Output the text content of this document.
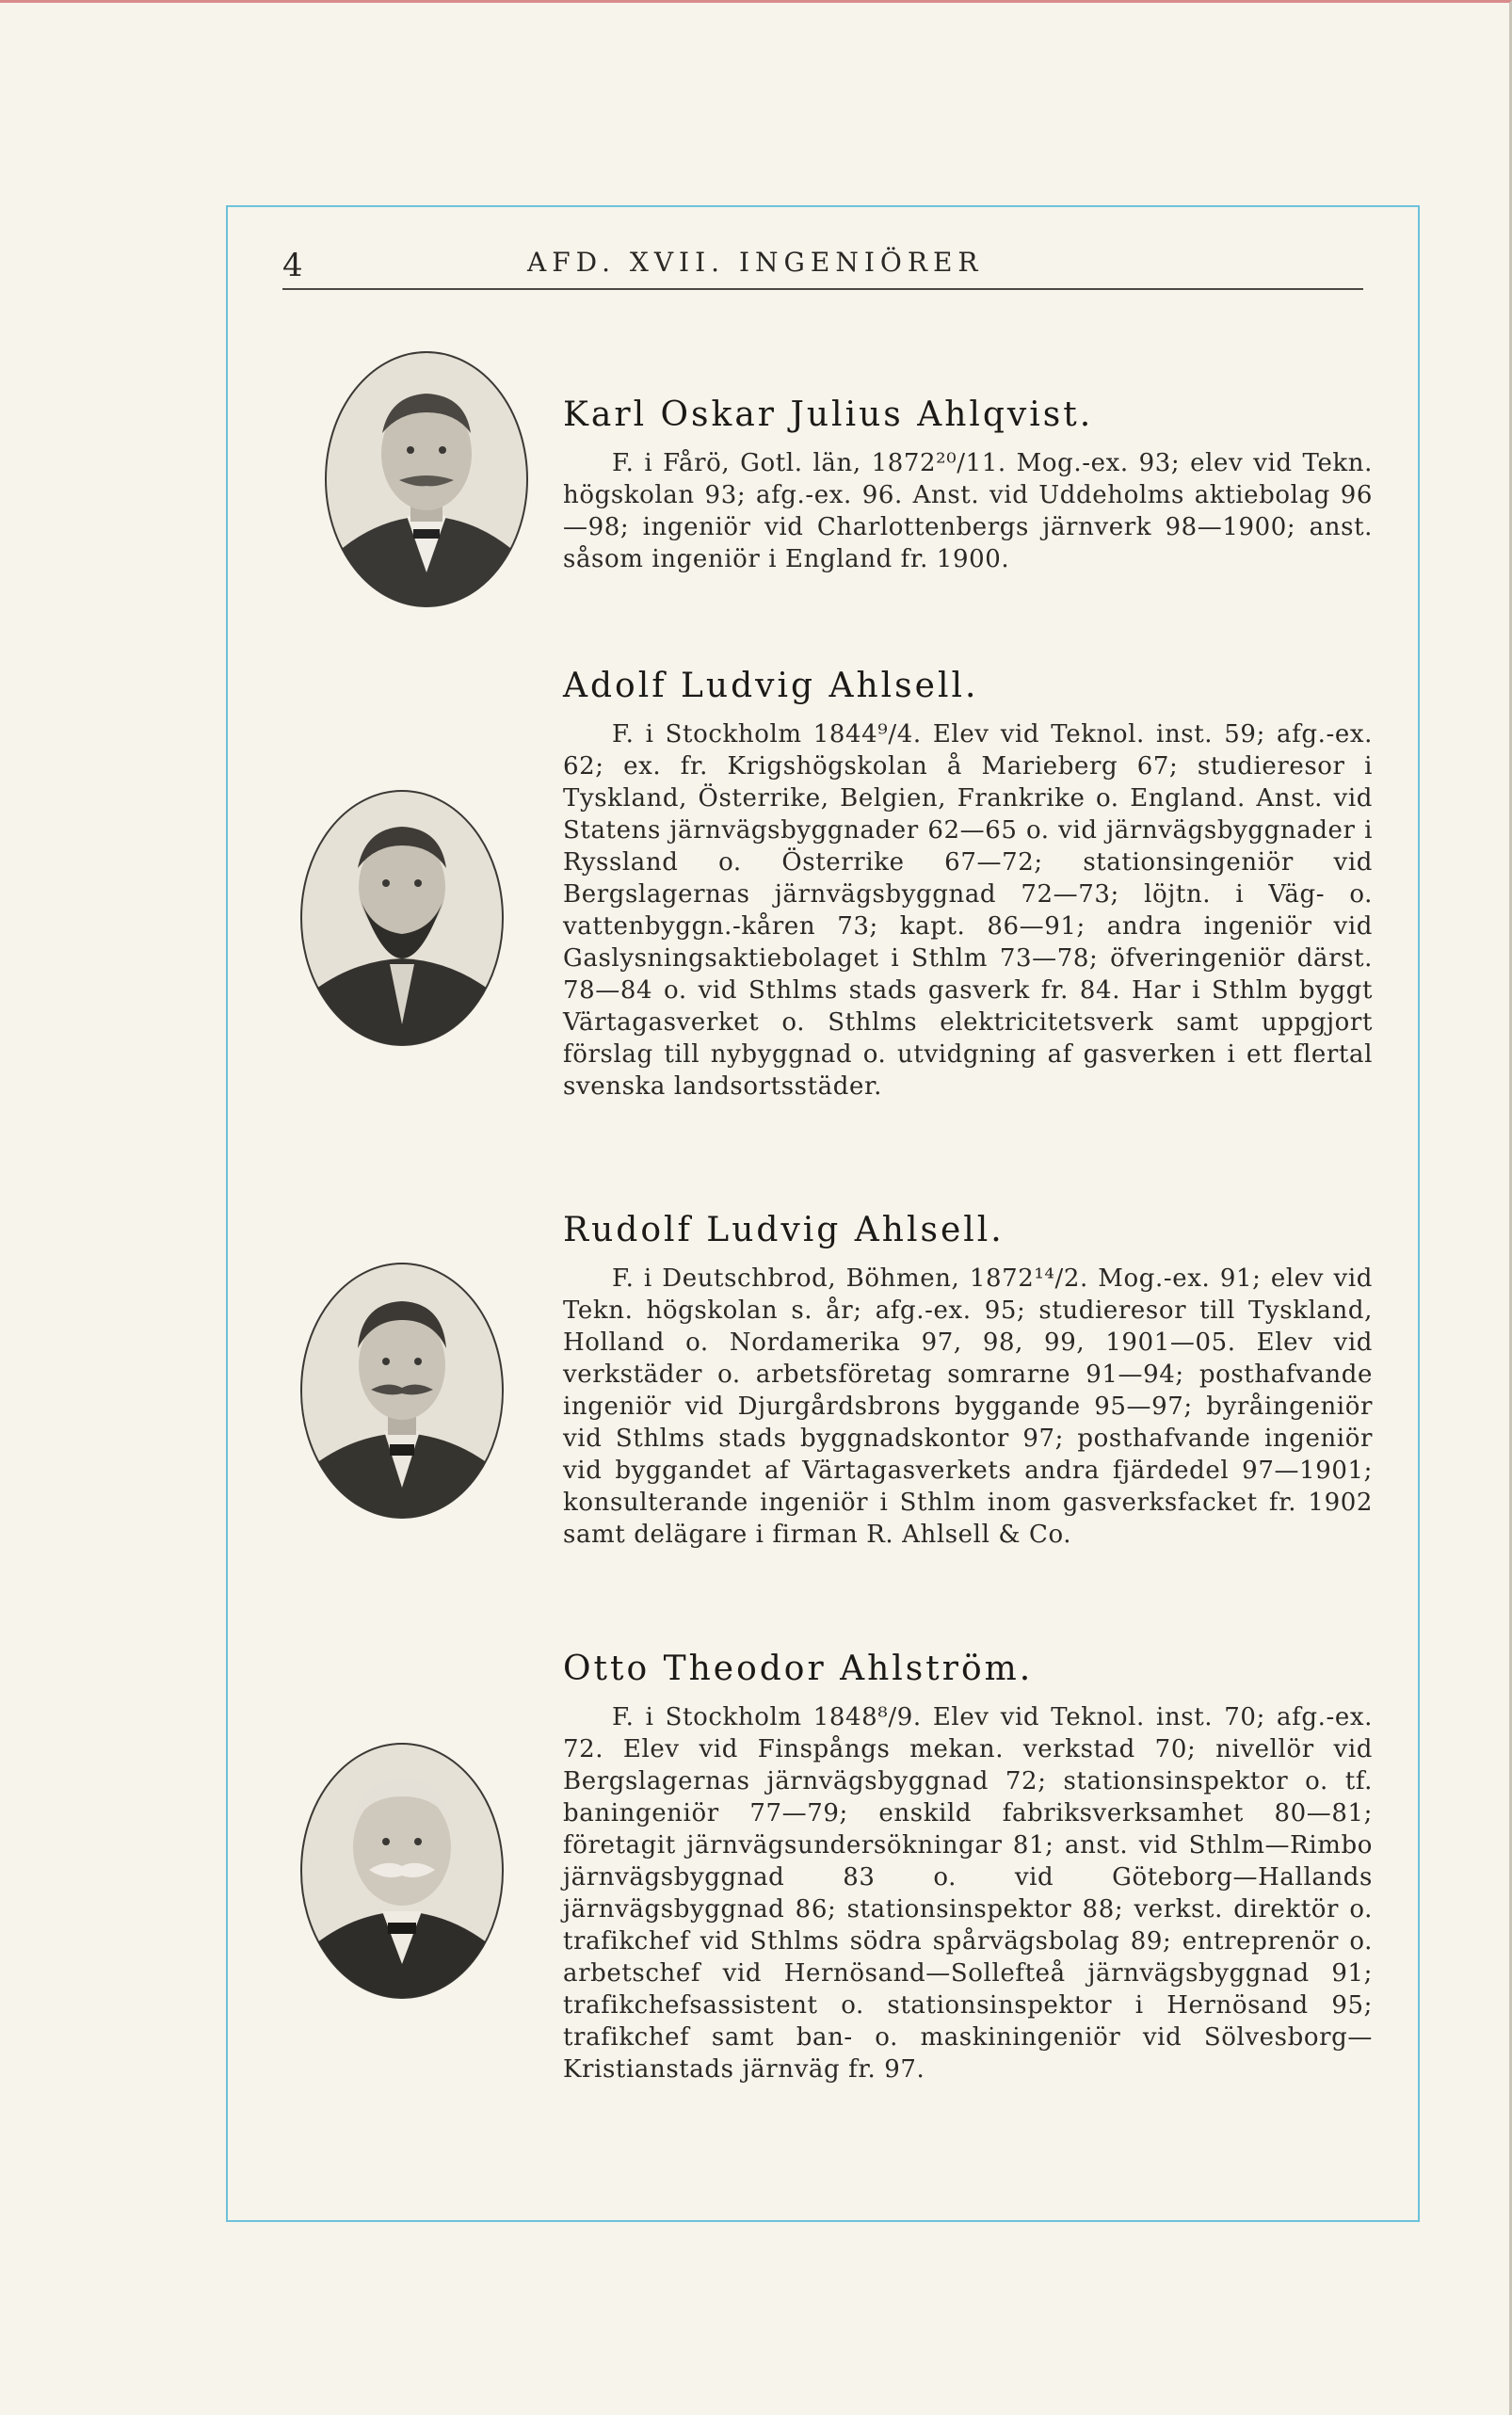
4	AFD. XVII. INGENIÖRER
Karl Oskar Julius Ahlqvist.

F. i Fårö, Gotl. län, 1872²⁰/11. Mog.-ex. 93; elev vid Tekn. högskolan 93; afg.-ex. 96. Anst. vid Uddeholms aktiebolag 96—98; ingeniör vid Charlottenbergs järnverk 98—1900; anst. såsom ingeniör i England fr. 1900.

Adolf Ludvig Ahlsell.

F. i Stockholm 1844⁹/4. Elev vid Teknol. inst. 59; afg.-ex. 62; ex. fr. Krigshögskolan å Marieberg 67; studieresor i Tyskland, Österrike, Belgien, Frankrike o. England. Anst. vid Statens järnvägsbyggnader 62—65 o. vid järnvägsbyggnader i Ryssland o. Österrike 67—72; stationsingeniör vid Bergslagernas järnvägsbyggnad 72—73; löjtn. i Väg- o. vattenbyggn.-kåren 73; kapt. 86—91; andra ingeniör vid Gaslysningsaktiebolaget i Sthlm 73—78; öfveringeniör därst. 78—84 o. vid Sthlms stads gasverk fr. 84. Har i Sthlm byggt Värtagasverket o. Sthlms elektricitetsverk samt uppgjort förslag till nybyggnad o. utvidgning af gasverken i ett flertal svenska landsortsstäder.

Rudolf Ludvig Ahlsell.

F. i Deutschbrod, Böhmen, 1872¹⁴/2. Mog.-ex. 91; elev vid Tekn. högskolan s. år; afg.-ex. 95; studieresor till Tyskland, Holland o. Nordamerika 97, 98, 99, 1901—05. Elev vid verkstäder o. arbetsföretag somrarne 91—94; posthafvande ingeniör vid Djurgårdsbrons byggande 95—97; byråingeniör vid Sthlms stads byggnadskontor 97; posthafvande ingeniör vid byggandet af Värtagasverkets andra fjärdedel 97—1901; konsulterande ingeniör i Sthlm inom gasverksfacket fr. 1902 samt delägare i firman R. Ahlsell & Co.

Otto Theodor Ahlström.

F. i Stockholm 1848⁸/9. Elev vid Teknol. inst. 70; afg.-ex. 72. Elev vid Finspångs mekan. verkstad 70; nivellör vid Bergslagernas järnvägsbyggnad 72; stationsinspektor o. tf. baningeniör 77—79; enskild fabriksverksamhet 80—81; företagit järnvägsundersökningar 81; anst. vid Sthlm—Rimbo järnvägsbyggnad 83 o. vid Göteborg—Hallands järnvägsbyggnad 86; stationsinspektor 88; verkst. direktör o. trafikchef vid Sthlms södra spårvägsbolag 89; entreprenör o. arbetschef vid Hernösand—Sollefteå järnvägsbyggnad 91; trafikchefsassistent o. stationsinspektor i Hernösand 95; trafikchef samt ban- o. maskiningeniör vid Sölvesborg—Kristianstads järnväg fr. 97.
